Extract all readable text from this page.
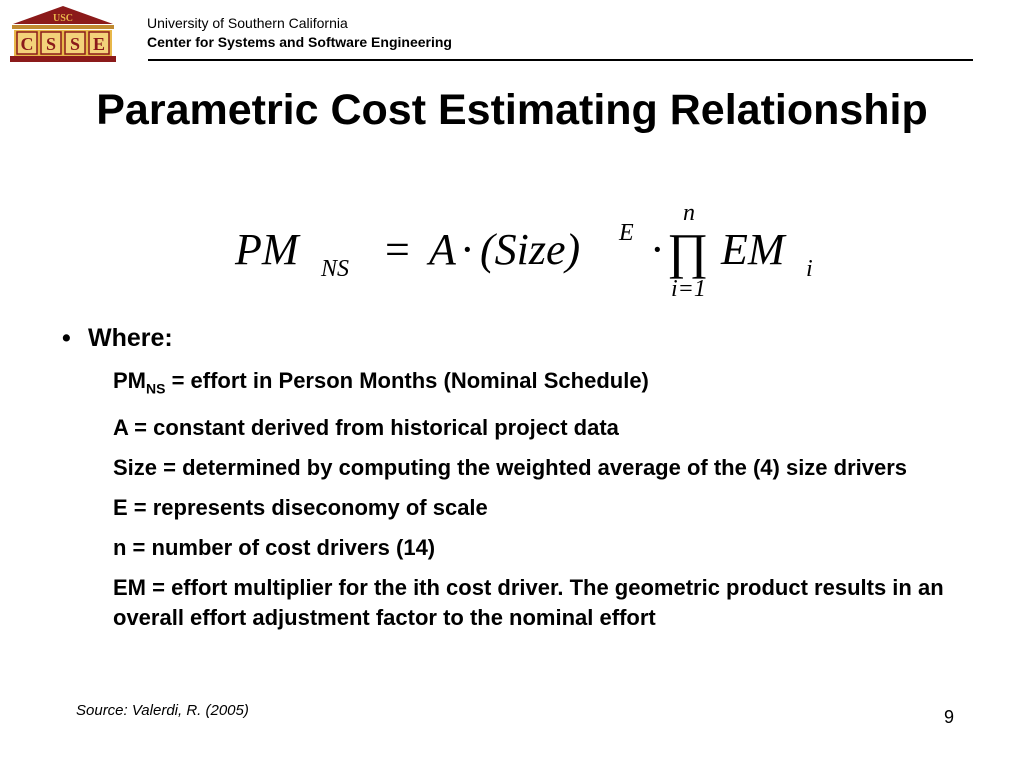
USC
C S S E
University of Southern California
Center for Systems and Software Engineering
Parametric Cost Estimating Relationship
PM NS = A · (Size) E · ∏
n
i=1
EM i
• Where:

$PM_{NS}$ = effort in Person Months (Nominal Schedule)

A = constant derived from historical project data

Size = determined by computing the weighted average of the (4) size drivers

E = represents diseconomy of scale

n = number of cost drivers (14)

EM = effort multiplier for the ith cost driver. The geometric product results in an overall effort adjustment factor to the nominal effort

Source: Valerdi, R. (2005)	9
